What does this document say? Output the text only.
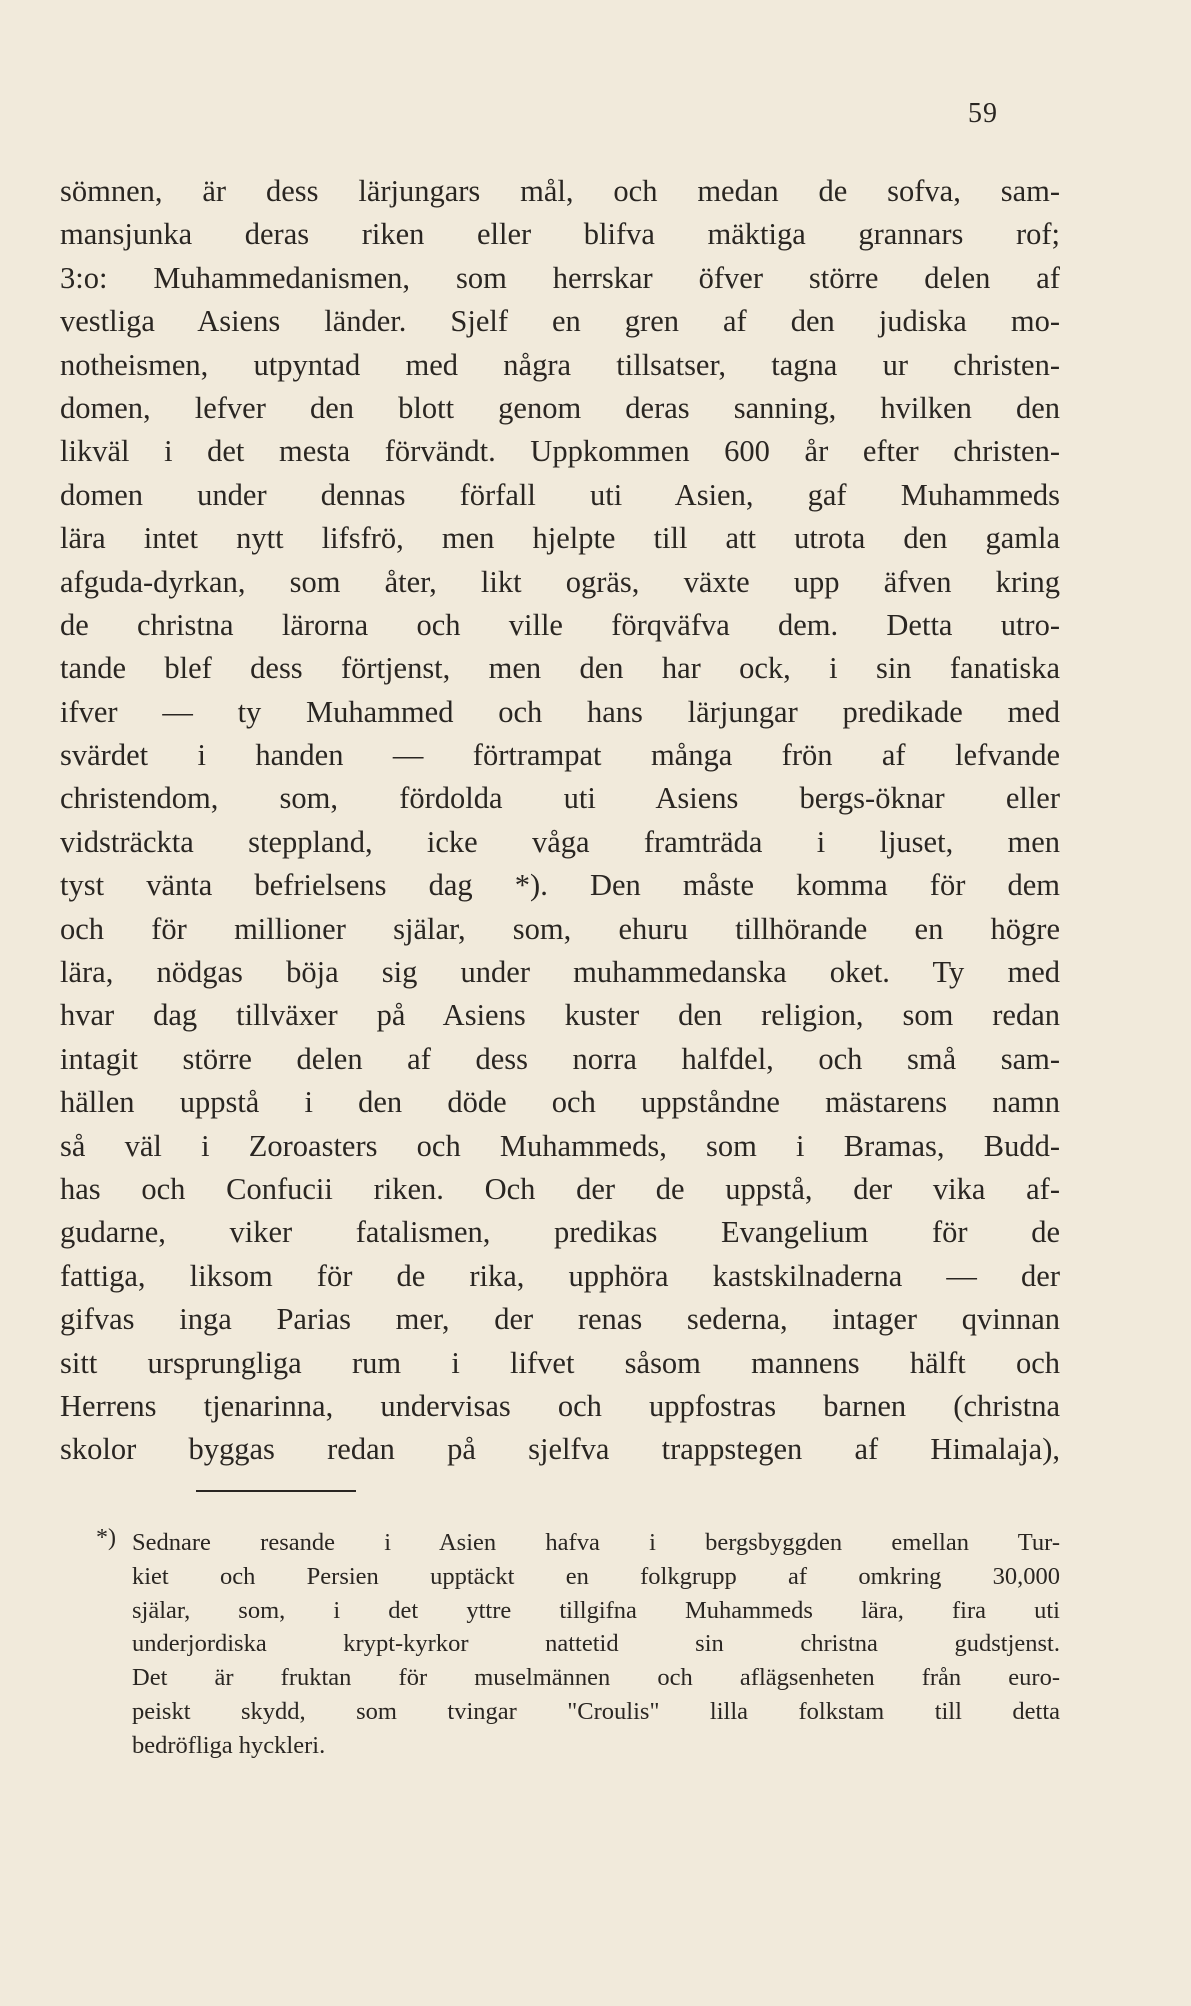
59
sömnen, är dess lärjungars mål, och medan de sofva, sam-
mansjunka deras riken eller blifva mäktiga grannars rof;
3:o: Muhammedanismen, som herrskar öfver större delen af
vestliga Asiens länder. Sjelf en gren af den judiska mo-
notheismen, utpyntad med några tillsatser, tagna ur christen-
domen, lefver den blott genom deras sanning, hvilken den
likväl i det mesta förvändt. Uppkommen 600 år efter christen-
domen under dennas förfall uti Asien, gaf Muhammeds
lära intet nytt lifsfrö, men hjelpte till att utrota den gamla
afguda-dyrkan, som åter, likt ogräs, växte upp äfven kring
de christna lärorna och ville förqväfva dem. Detta utro-
tande blef dess förtjenst, men den har ock, i sin fanatiska
ifver — ty Muhammed och hans lärjungar predikade med
svärdet i handen — förtrampat många frön af lefvande
christendom, som, fördolda uti Asiens bergs-öknar eller
vidsträckta steppland, icke våga framträda i ljuset, men
tyst vänta befrielsens dag *). Den måste komma för dem
och för millioner själar, som, ehuru tillhörande en högre
lära, nödgas böja sig under muhammedanska oket. Ty med
hvar dag tillväxer på Asiens kuster den religion, som redan
intagit större delen af dess norra halfdel, och små sam-
hällen uppstå i den döde och uppståndne mästarens namn
så väl i Zoroasters och Muhammeds, som i Bramas, Budd-
has och Confucii riken. Och der de uppstå, der vika af-
gudarne, viker fatalismen, predikas Evangelium för de
fattiga, liksom för de rika, upphöra kastskilnaderna — der
gifvas inga Parias mer, der renas sederna, intager qvinnan
sitt ursprungliga rum i lifvet såsom mannens hälft och
Herrens tjenarinna, undervisas och uppfostras barnen (christna
skolor byggas redan på sjelfva trappstegen af Himalaja),
*) Sednare resande i Asien hafva i bergsbyggden emellan Tur-
kiet och Persien upptäckt en folkgrupp af omkring 30,000
själar, som, i det yttre tillgifna Muhammeds lära, fira uti
underjordiska krypt-kyrkor nattetid sin christna gudstjenst.
Det är fruktan för muselmännen och aflägsenheten från euro-
peiskt skydd, som tvingar "Croulis" lilla folkstam till detta
bedröfliga hyckleri.
